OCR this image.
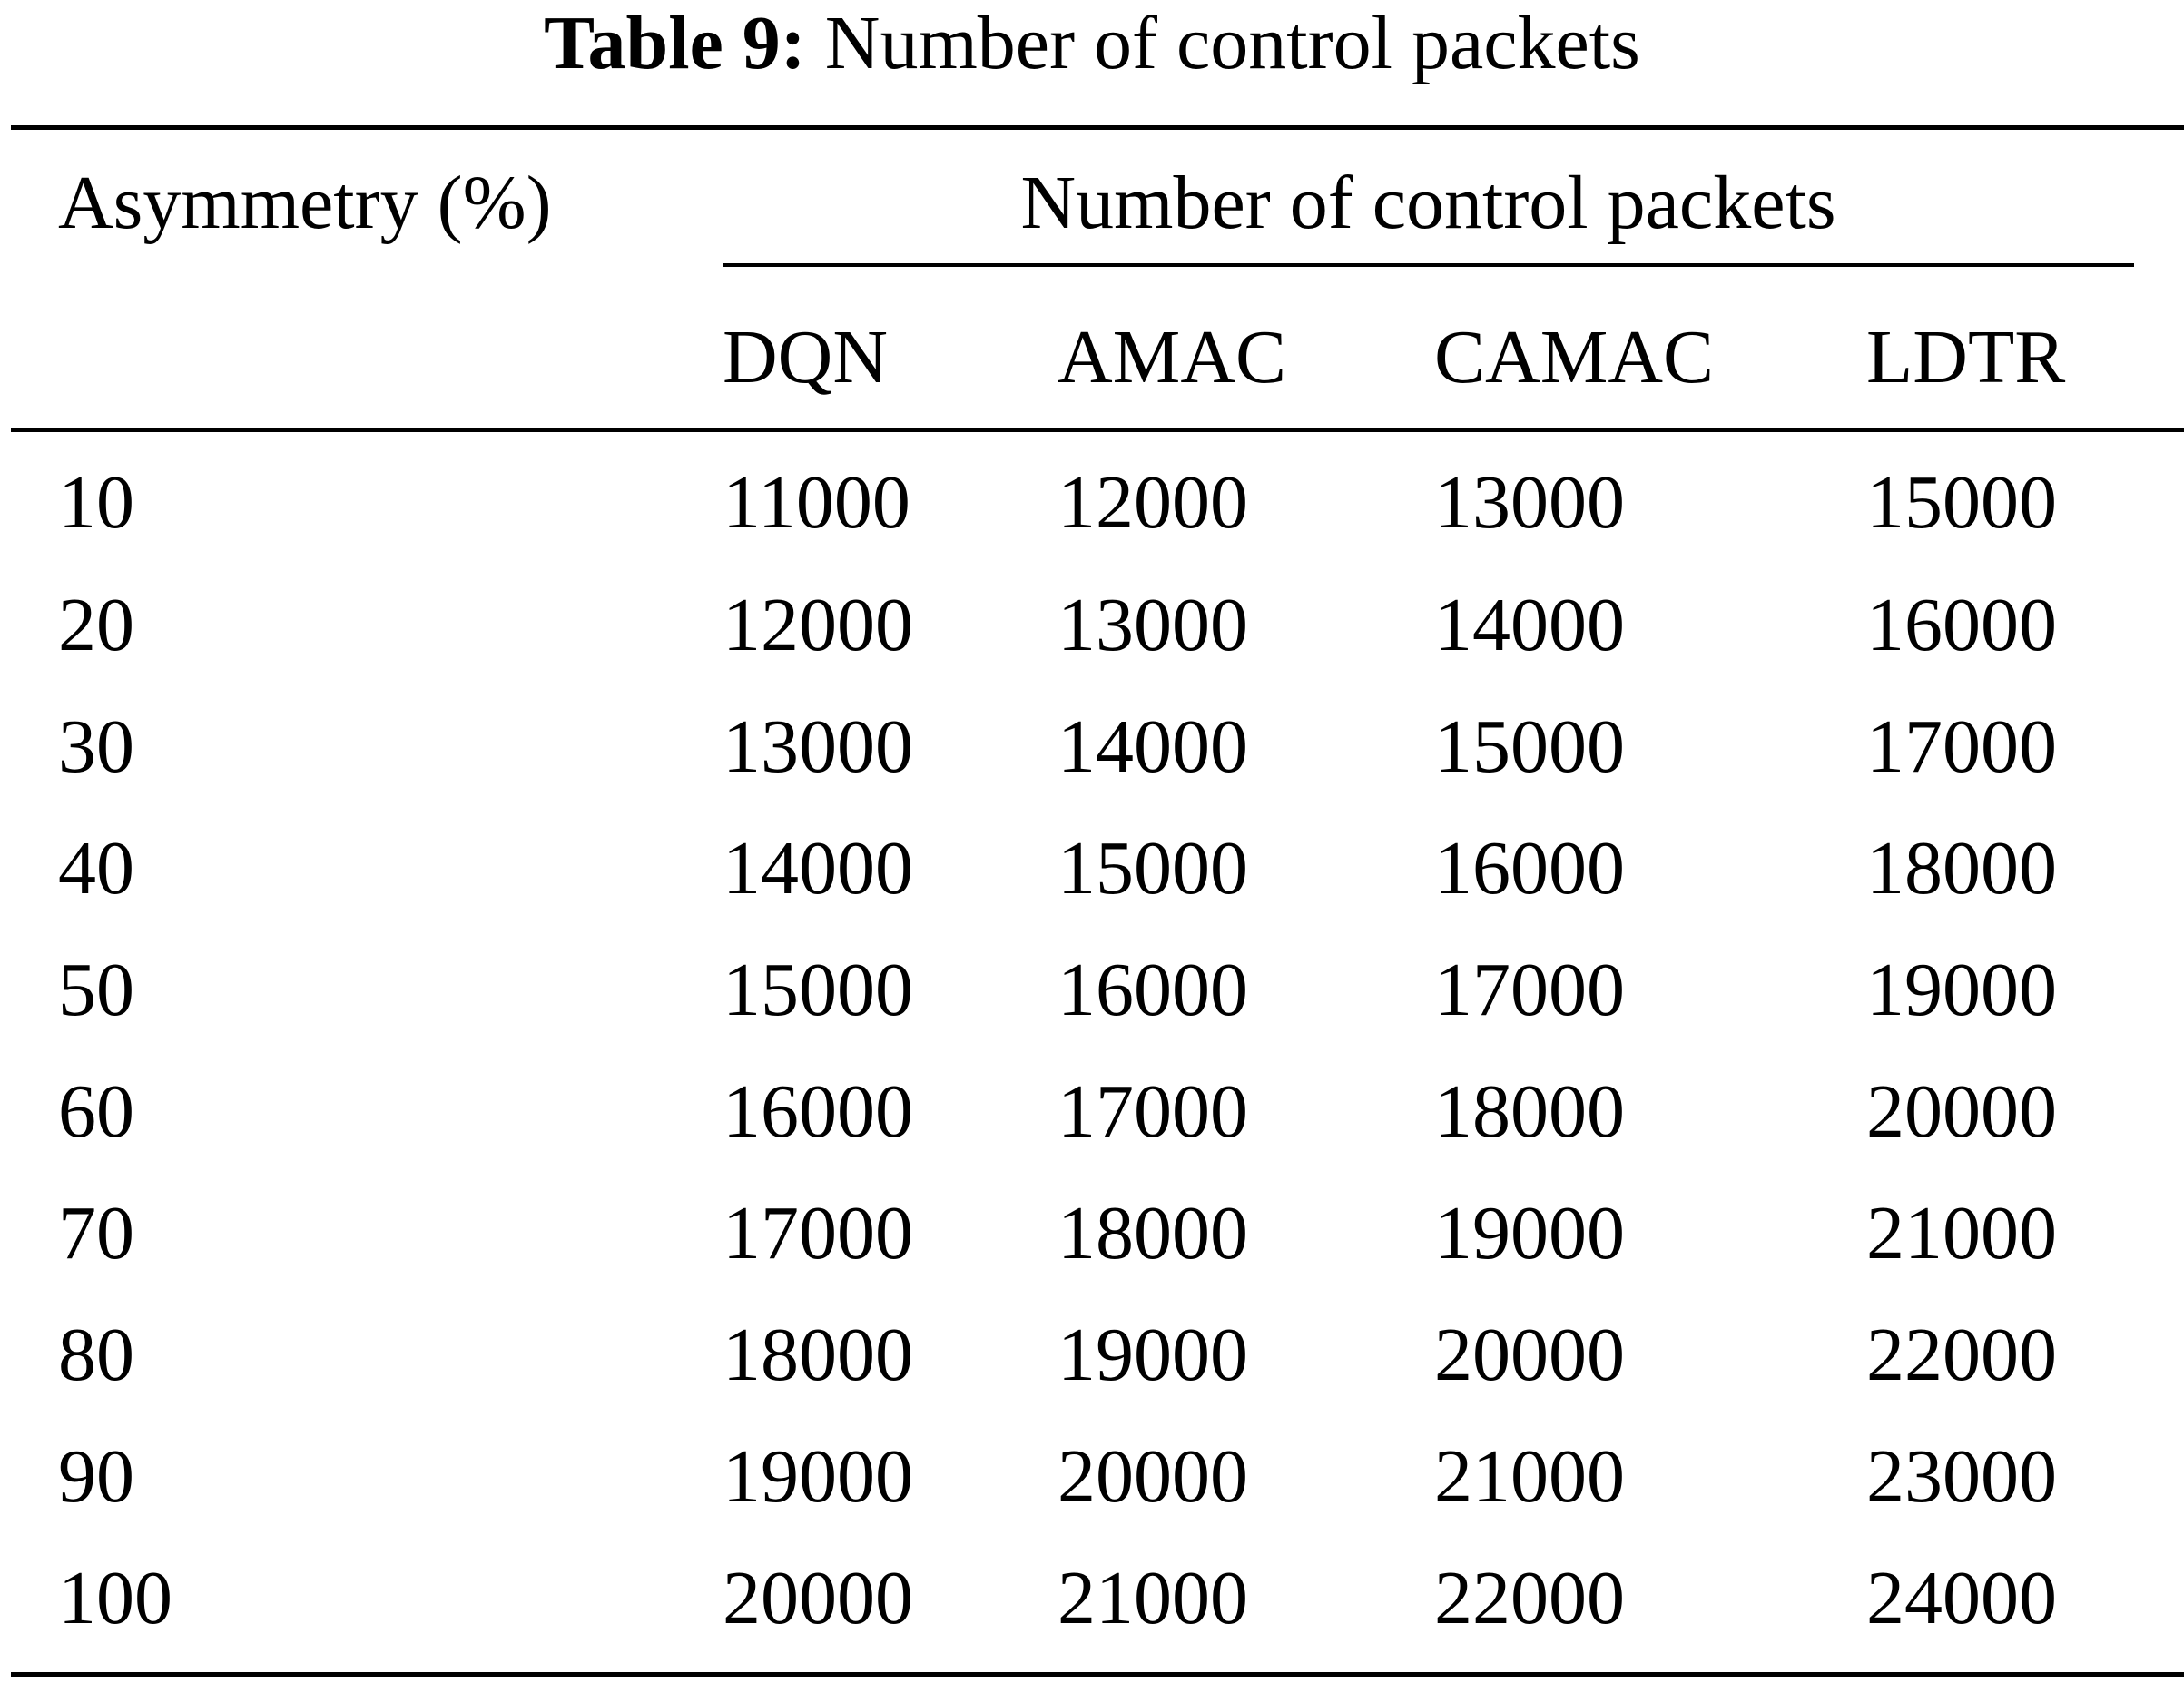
Table 9: Number of control packets
Asymmetry (%)	Number of control packets
DQN AMAC CAMAC LDTR
10	11000 12000 13000	15000
20	12000 13000 14000	16000
30	13000 14000 15000	17000
40	14000 15000 16000	18000
50	15000 16000 17000	19000
60	16000 17000 18000	20000
70	17000 18000 19000	21000
80	18000 19000 20000	22000
90	19000 20000 21000	23000
100	20000 21000 22000	24000
